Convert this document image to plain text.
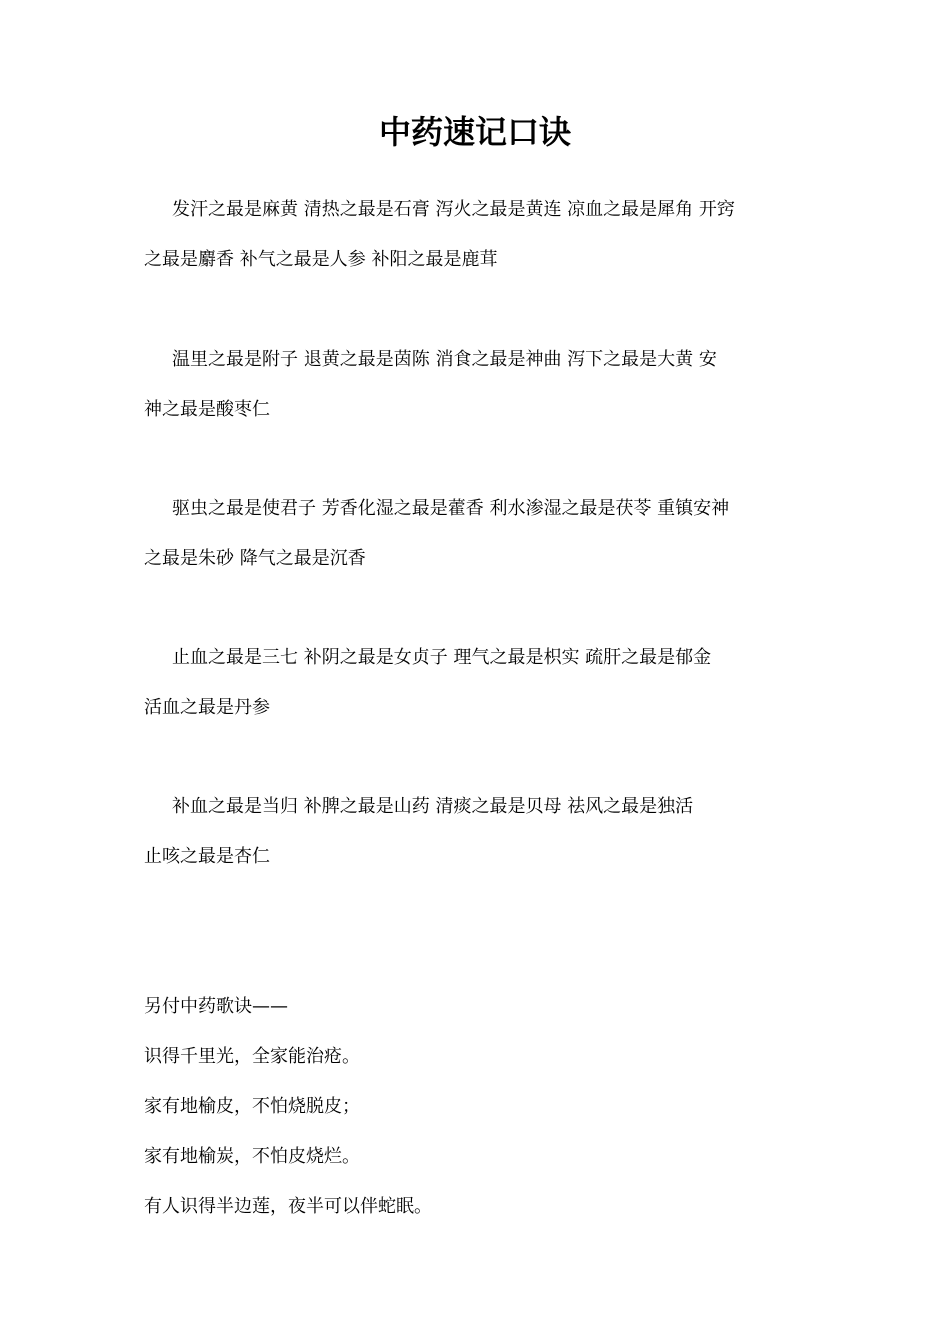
中药速记口诀

发汗之最是麻黄 清热之最是石膏 泻火之最是黄连 凉血之最是犀角 开窍
之最是麝香 补气之最是人参 补阳之最是鹿茸

温里之最是附子 退黄之最是茵陈 消食之最是神曲 泻下之最是大黄 安
神之最是酸枣仁

驱虫之最是使君子 芳香化湿之最是藿香 利水渗湿之最是茯苓 重镇安神
之最是朱砂 降气之最是沉香

止血之最是三七 补阴之最是女贞子 理气之最是枳实 疏肝之最是郁金
活血之最是丹参

补血之最是当归 补脾之最是山药 清痰之最是贝母 祛风之最是独活
止咳之最是杏仁

另付中药歌诀——

识得千里光，全家能治疮。

家有地榆皮，不怕烧脱皮；

家有地榆炭，不怕皮烧烂。

有人识得半边莲，夜半可以伴蛇眠。
